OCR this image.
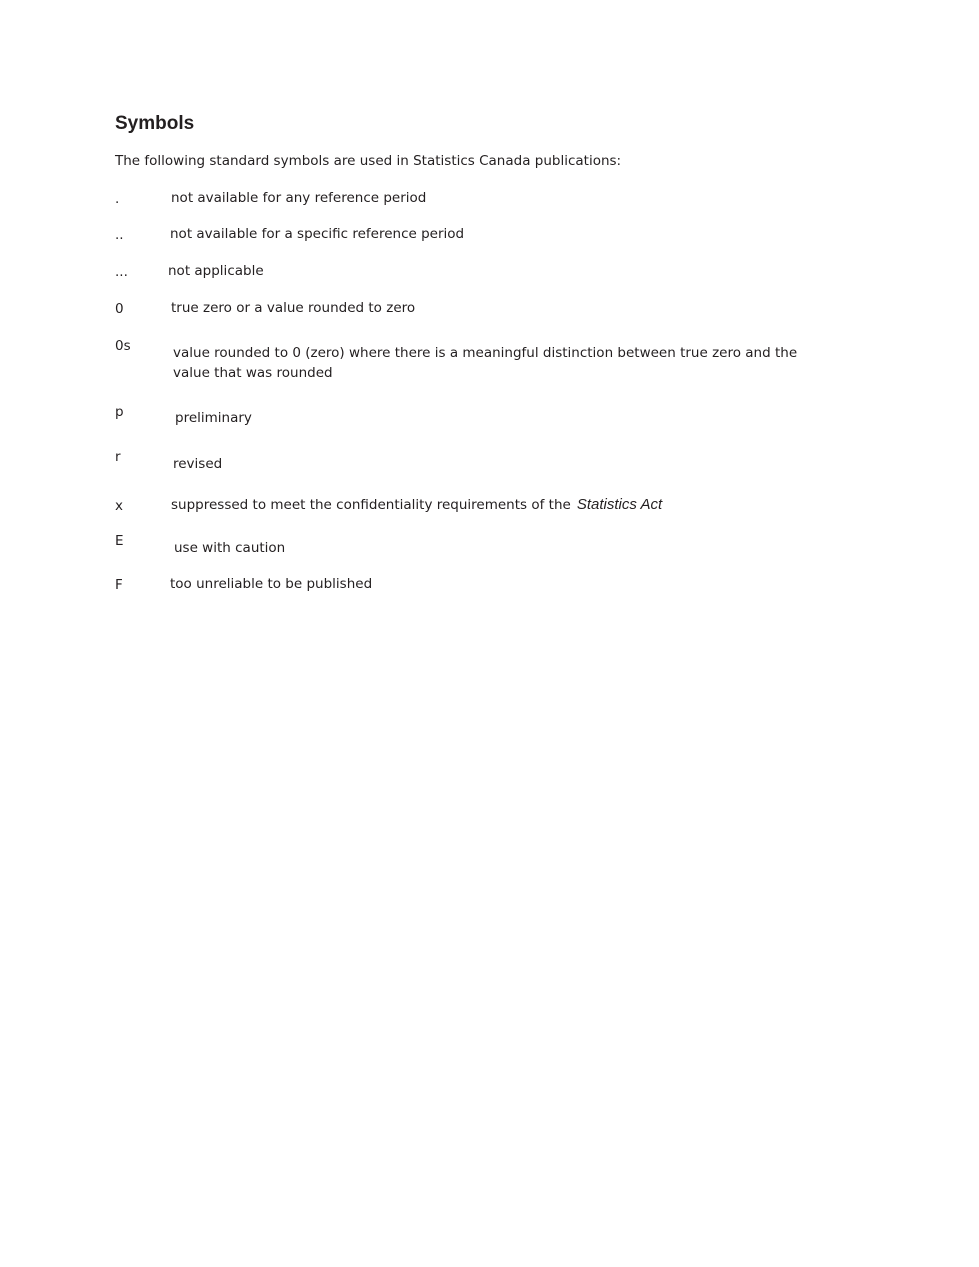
Symbols

The following standard symbols are used in Statistics Canada publications:

.	not available for any reference period
..	not available for a specific reference period
...	not applicable
0	true zero or a value rounded to zero
0s	value rounded to 0 (zero) where there is a meaningful distinction between true zero and the value that was rounded
p	preliminary
r	revised
x	suppressed to meet the confidentiality requirements of the Statistics Act
E	use with caution
F	too unreliable to be published
